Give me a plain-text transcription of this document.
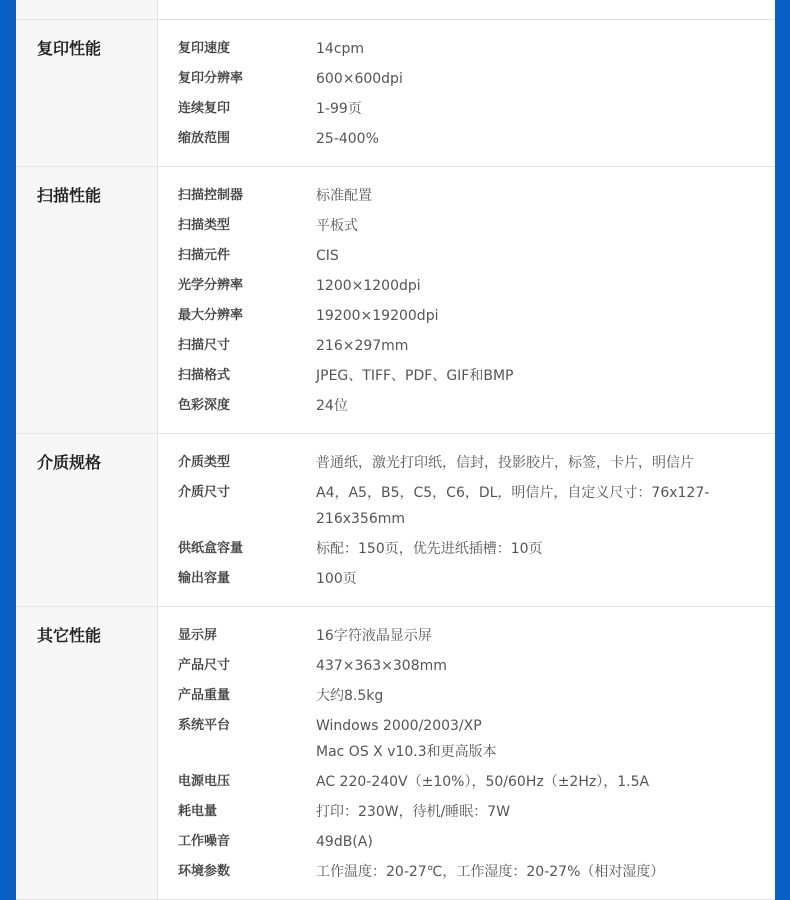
复印性能	复印速度	14cpm
复印分辨率	600×600dpi
连续复印	1-99页
缩放范围	25-400%
扫描性能	扫描控制器	标准配置
扫描类型	平板式
扫描元件	CIS
光学分辨率	1200×1200dpi
最大分辨率	19200×19200dpi
扫描尺寸	216×297mm
扫描格式	JPEG、TIFF、PDF、GIF和BMP
色彩深度	24位
介质规格	介质类型	普通纸，激光打印纸，信封，投影胶片，标签，卡片，明信片
介质尺寸	A4，A5，B5，C5，C6，DL，明信片，自定义尺寸：76x127-
216x356mm
供纸盒容量	标配：150页，优先进纸插槽：10页
输出容量	100页
其它性能	显示屏	16字符液晶显示屏
产品尺寸	437×363×308mm
产品重量	大约8.5kg
系统平台	Windows 2000/2003/XP
Mac OS X v10.3和更高版本
电源电压	AC 220-240V（±10%），50/60Hz（±2Hz），1.5A
耗电量	打印：230W，待机/睡眠：7W
工作噪音	49dB(A)
环境参数	工作温度：20-27℃，工作湿度：20-27%（相对湿度）
